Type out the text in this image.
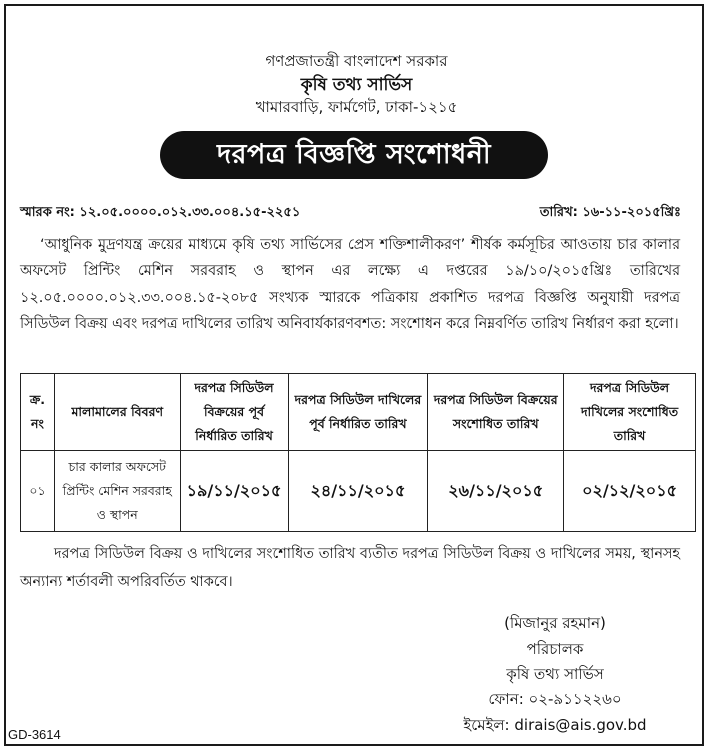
গণপ্রজাতন্ত্রী বাংলাদেশ সরকার
কৃষি তথ্য সার্ভিস
খামারবাড়ি, ফার্মগেট, ঢাকা-১২১৫
দরপত্র বিজ্ঞপ্তি সংশোধনী
স্মারক নং: ১২.০৫.০০০০.০১২.৩৩.০০৪.১৫-২২৫১	তারিখ: ১৬-১১-২০১৫খ্রিঃ

‘আধুনিক মুদ্রণযন্ত্র ক্রয়ের মাধ্যমে কৃষি তথ্য সার্ভিসের প্রেস শক্তিশালীকরণ’ শীর্ষক কর্মসূচির আওতায় চার কালার অফসেট প্রিন্টিং মেশিন সরবরাহ ও স্থাপন এর লক্ষ্যে এ দপ্তরের ১৯/১০/২০১৫খ্রিঃ তারিখের ১২.০৫.০০০০.০১২.৩৩.০০৪.১৫-২০৮৫ সংখ্যক স্মারকে পত্রিকায় প্রকাশিত দরপত্র বিজ্ঞপ্তি অনুযায়ী দরপত্র সিডিউল বিক্রয় এবং দরপত্র দাখিলের তারিখ অনিবার্যকারণবশত: সংশোধন করে নিম্নবর্ণিত তারিখ নির্ধারণ করা হলো।

ক্র. নং	মালামালের বিবরণ	দরপত্র সিডিউল বিক্রয়ের পূর্ব নির্ধারিত তারিখ	দরপত্র সিডিউল দাখিলের পূর্ব নির্ধারিত তারিখ	দরপত্র সিডিউল বিক্রয়ের সংশোধিত তারিখ	দরপত্র সিডিউল দাখিলের সংশোধিত তারিখ
০১	চার কালার অফসেট প্রিন্টিং মেশিন সরবরাহ ও স্থাপন	১৯/১১/২০১৫	২৪/১১/২০১৫	২৬/১১/২০১৫	০২/১২/২০১৫

দরপত্র সিডিউল বিক্রয় ও দাখিলের সংশোধিত তারিখ ব্যতীত দরপত্র সিডিউল বিক্রয় ও দাখিলের সময়, স্থানসহ অন্যান্য শর্তাবলী অপরিবর্তিত থাকবে।

(মিজানুর রহমান)
পরিচালক
কৃষি তথ্য সার্ভিস
ফোন: ০২-৯১১২২৬০
ইমেইল: dirais@ais.gov.bd
GD-3614
